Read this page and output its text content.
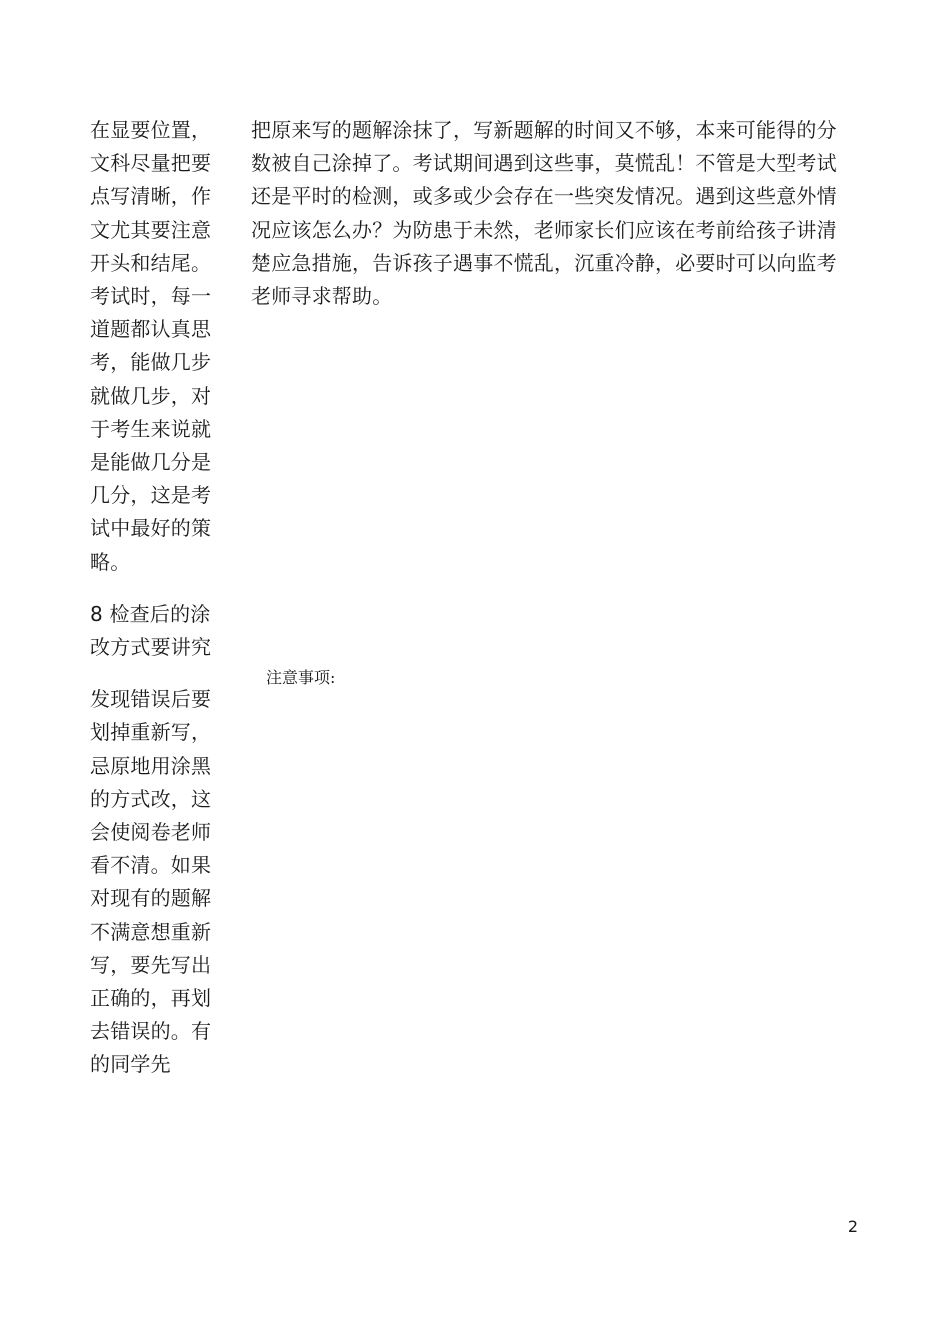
在显要位置，文科尽量把要点写清晰，作文尤其要注意开头和结尾。考试时，每一道题都认真思考，能做几步就做几步，对于考生来说就是能做几分是几分，这是考试中最好的策略。

8 检查后的涂改方式要讲究

发现错误后要划掉重新写，忌原地用涂黑的方式改，这会使阅卷老师看不清。如果对现有的题解不满意想重新写，要先写出正确的，再划去错误的。有的同学先

把原来写的题解涂抹了，写新题解的时间又不够，本来可能得的分数被自己涂掉了。考试期间遇到这些事，莫慌乱！不管是大型考试还是平时的检测，或多或少会存在一些突发情况。遇到这些意外情况应该怎么办？为防患于未然，老师家长们应该在考前给孩子讲清楚应急措施，告诉孩子遇事不慌乱，沉重冷静，必要时可以向监考老师寻求帮助。

注意事项:
2
